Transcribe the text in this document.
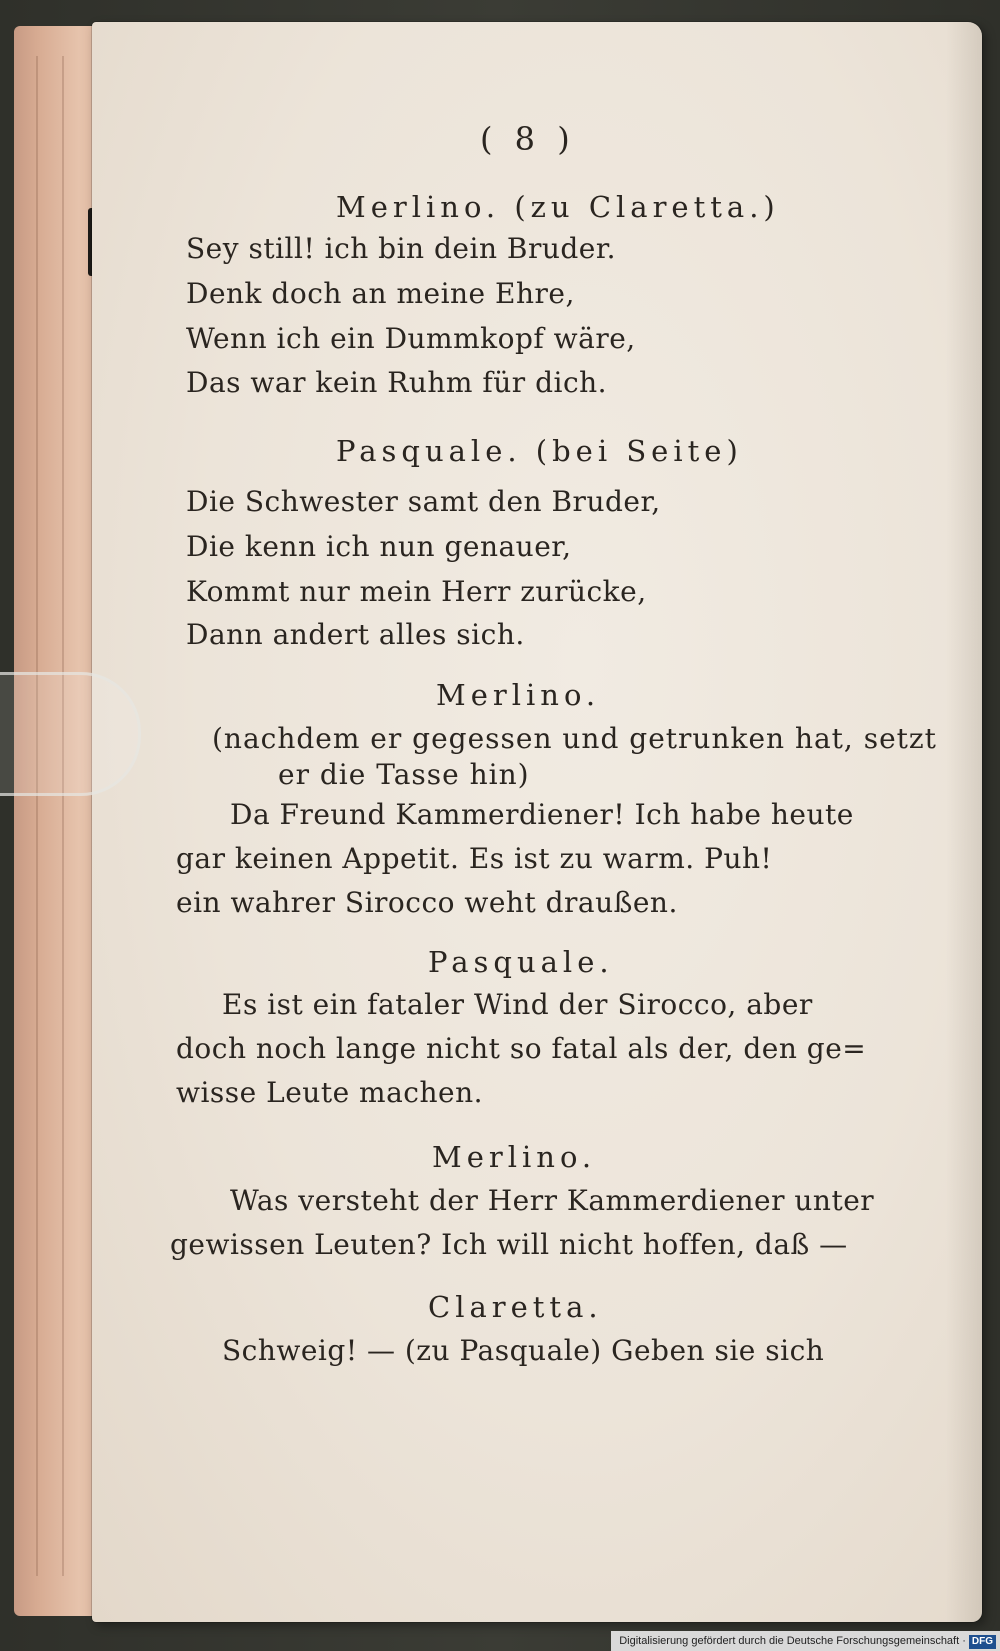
( 8 )
Merlino. (zu Claretta.)
Sey still! ich bin dein Bruder.
Denk doch an meine Ehre,
Wenn ich ein Dummkopf wäre,
Das war kein Ruhm für dich.
Pasquale. (bei Seite)
Die Schwester samt den Bruder,
Die kenn ich nun genauer,
Kommt nur mein Herr zurücke,
Dann andert alles sich.
Merlino.
(nachdem er gegessen und getrunken hat, setzt
er die Tasse hin)
Da Freund Kammerdiener! Ich habe heute
gar keinen Appetit. Es ist zu warm. Puh!
ein wahrer Sirocco weht draußen.
Pasquale.
Es ist ein fataler Wind der Sirocco, aber
doch noch lange nicht so fatal als der, den ge=
wisse Leute machen.
Merlino.
Was versteht der Herr Kammerdiener unter
gewissen Leuten? Ich will nicht hoffen, daß —
Claretta.
Schweig! — (zu Pasquale) Geben sie sich
Digitalisierung gefördert durch die Deutsche Forschungsgemeinschaft · DFG
